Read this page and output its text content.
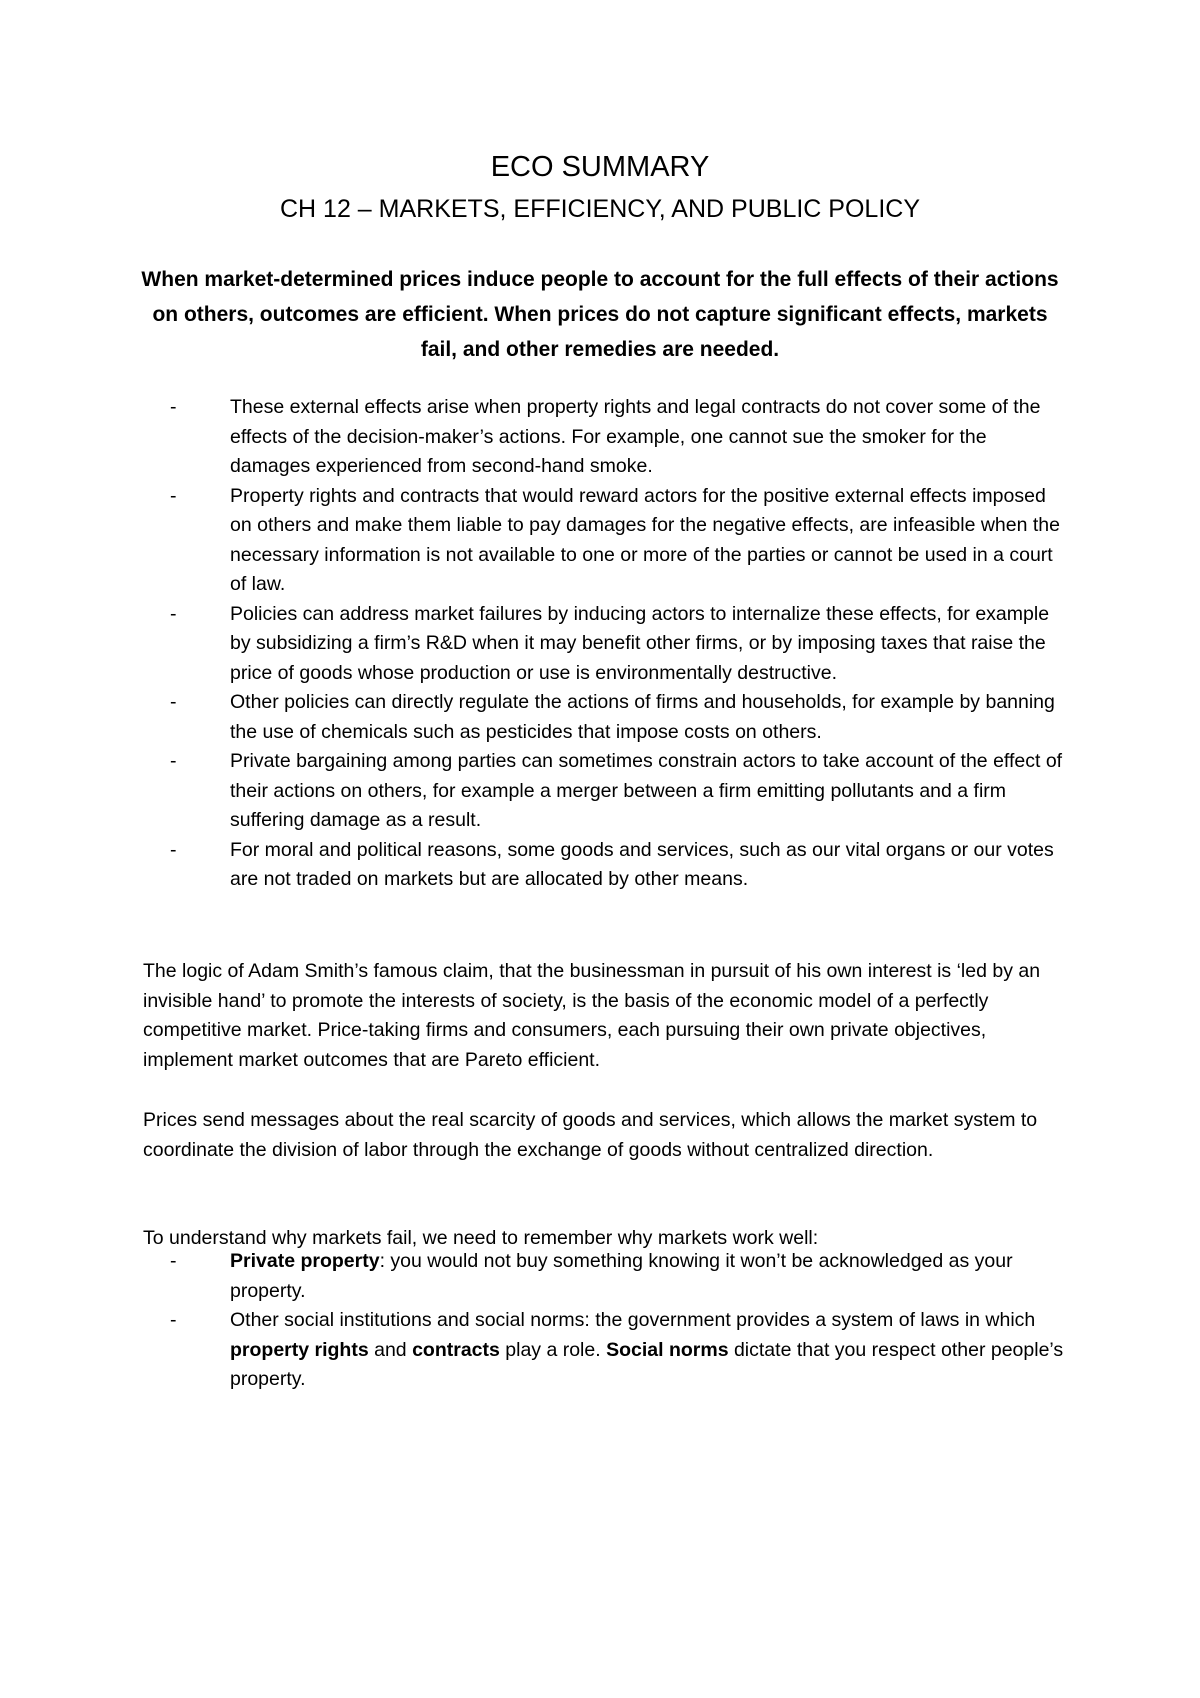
ECO SUMMARY
CH 12 – MARKETS, EFFICIENCY, AND PUBLIC POLICY
When market-determined prices induce people to account for the full effects of their actions on others, outcomes are efficient. When prices do not capture significant effects, markets fail, and other remedies are needed.
-	These external effects arise when property rights and legal contracts do not cover some of the effects of the decision-maker’s actions. For example, one cannot sue the smoker for the damages experienced from second-hand smoke.
-	Property rights and contracts that would reward actors for the positive external effects imposed on others and make them liable to pay damages for the negative effects, are infeasible when the necessary information is not available to one or more of the parties or cannot be used in a court of law.
-	Policies can address market failures by inducing actors to internalize these effects, for example by subsidizing a firm’s R&D when it may benefit other firms, or by imposing taxes that raise the price of goods whose production or use is environmentally destructive.
-	Other policies can directly regulate the actions of firms and households, for example by banning the use of chemicals such as pesticides that impose costs on others.
-	Private bargaining among parties can sometimes constrain actors to take account of the effect of their actions on others, for example a merger between a firm emitting pollutants and a firm suffering damage as a result.
-	For moral and political reasons, some goods and services, such as our vital organs or our votes are not traded on markets but are allocated by other means.

The logic of Adam Smith’s famous claim, that the businessman in pursuit of his own interest is ‘led by an invisible hand’ to promote the interests of society, is the basis of the economic model of a perfectly competitive market. Price-taking firms and consumers, each pursuing their own private objectives, implement market outcomes that are Pareto efficient.

Prices send messages about the real scarcity of goods and services, which allows the market system to coordinate the division of labor through the exchange of goods without centralized direction.

To understand why markets fail, we need to remember why markets work well:

-	Private property: you would not buy something knowing it won’t be acknowledged as your property.
-	Other social institutions and social norms: the government provides a system of laws in which property rights and contracts play a role. Social norms dictate that you respect other people’s property.
